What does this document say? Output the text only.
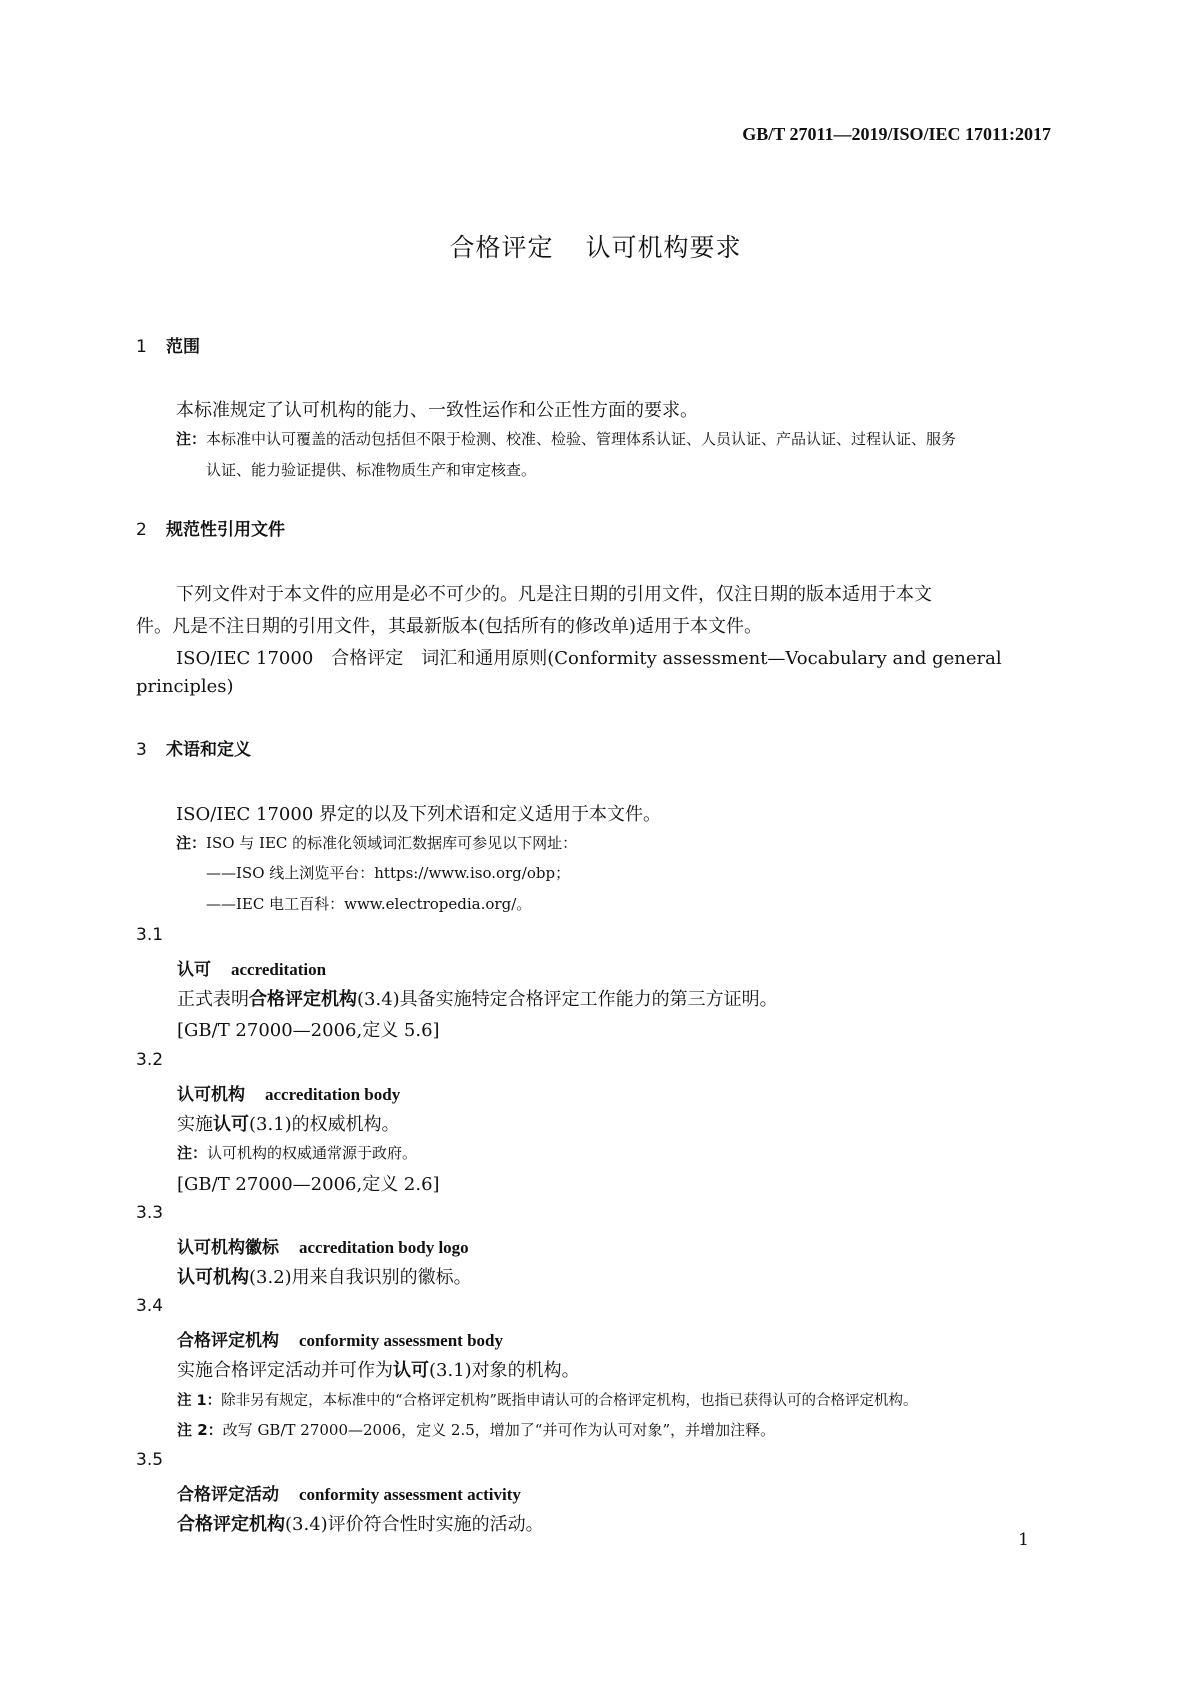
GB/T 27011—2019/ISO/IEC 17011:2017
合格评定 认可机构要求
1 范围
本标准规定了认可机构的能力、一致性运作和公正性方面的要求。
注：本标准中认可覆盖的活动包括但不限于检测、校准、检验、管理体系认证、人员认证、产品认证、过程认证、服务
认证、能力验证提供、标准物质生产和审定核查。
2 规范性引用文件
下列文件对于本文件的应用是必不可少的。凡是注日期的引用文件，仅注日期的版本适用于本文
件。凡是不注日期的引用文件，其最新版本(包括所有的修改单)适用于本文件。
ISO/IEC 17000　合格评定　词汇和通用原则(Conformity assessment—Vocabulary and general
principles)
3 术语和定义
ISO/IEC 17000 界定的以及下列术语和定义适用于本文件。
注：ISO 与 IEC 的标准化领域词汇数据库可参见以下网址：
——ISO 线上浏览平台：https://www.iso.org/obp；
——IEC 电工百科：www.electropedia.org/。
3.1
认可 accreditation
正式表明合格评定机构(3.4)具备实施特定合格评定工作能力的第三方证明。
[GB/T 27000—2006,定义 5.6]
3.2
认可机构 accreditation body
实施认可(3.1)的权威机构。
注：认可机构的权威通常源于政府。
[GB/T 27000—2006,定义 2.6]
3.3
认可机构徽标 accreditation body logo
认可机构(3.2)用来自我识别的徽标。
3.4
合格评定机构 conformity assessment body
实施合格评定活动并可作为认可(3.1)对象的机构。
注 1：除非另有规定，本标准中的“合格评定机构”既指申请认可的合格评定机构，也指已获得认可的合格评定机构。
注 2：改写 GB/T 27000—2006，定义 2.5，增加了“并可作为认可对象”，并增加注释。
3.5
合格评定活动 conformity assessment activity
合格评定机构(3.4)评价符合性时实施的活动。
1
